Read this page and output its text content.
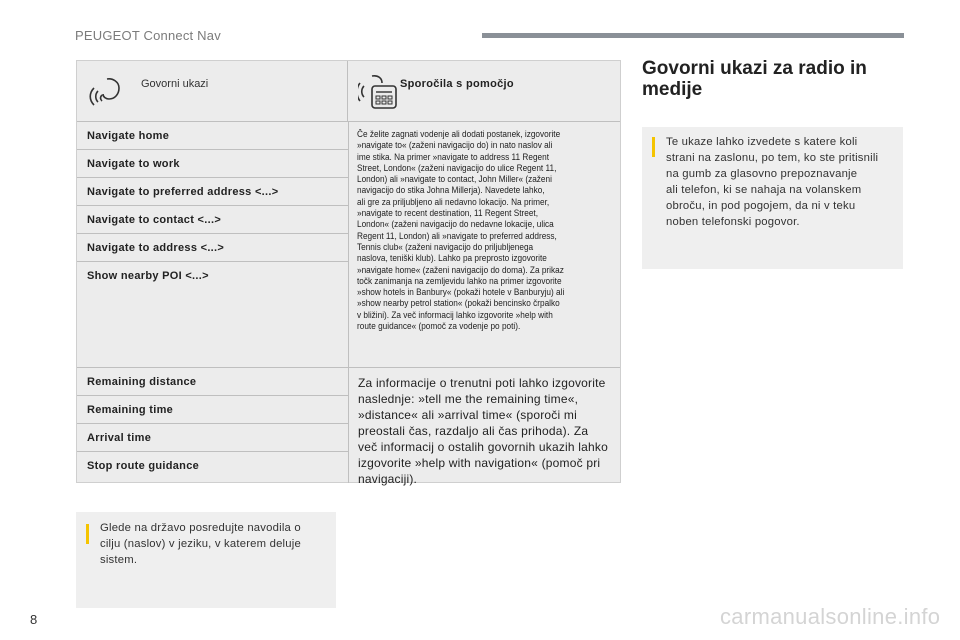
PEUGEOT Connect Nav
Govorni ukazi	Sporočila s pomočjo
Navigate home
Navigate to work
Navigate to preferred address <...>
Navigate to contact <...>
Navigate to address <...>
Show nearby POI <...>
Remaining distance
Remaining time
Arrival time
Stop route guidance
Če želite zagnati vodenje ali dodati postanek, izgovorite
»navigate to« (zaženi navigacijo do) in nato naslov ali
ime stika. Na primer »navigate to address 11 Regent
Street, London« (zaženi navigacijo do ulice Regent 11,
London) ali »navigate to contact, John Miller« (zaženi
navigacijo do stika Johna Millerja). Navedete lahko,
ali gre za priljubljeno ali nedavno lokacijo. Na primer,
»navigate to recent destination, 11 Regent Street,
London« (zaženi navigacijo do nedavne lokacije, ulica
Regent 11, London) ali »navigate to preferred address,
Tennis club« (zaženi navigacijo do priljubljenega
naslova, teniški klub). Lahko pa preprosto izgovorite
»navigate home« (zaženi navigacijo do doma). Za prikaz
točk zanimanja na zemljevidu lahko na primer izgovorite
»show hotels in Banbury« (pokaži hotele v Banburyju) ali
»show nearby petrol station« (pokaži bencinsko črpalko
v bližini). Za več informacij lahko izgovorite »help with
route guidance« (pomoč za vodenje po poti).
Za informacije o trenutni poti lahko izgovorite
naslednje: »tell me the remaining time«,
»distance« ali »arrival time« (sporoči mi
preostali čas, razdaljo ali čas prihoda). Za
več informacij o ostalih govornih ukazih lahko
izgovorite »help with navigation« (pomoč pri
navigaciji).
Glede na državo posredujte navodila o
cilju (naslov) v jeziku, v katerem deluje
sistem.
Govorni ukazi za radio in
medije
Te ukaze lahko izvedete s katere koli
strani na zaslonu, po tem, ko ste pritisnili
na gumb za glasovno prepoznavanje
ali telefon, ki se nahaja na volanskem
obroču, in pod pogojem, da ni v teku
noben telefonski pogovor.
8	carmanualsonline.info
